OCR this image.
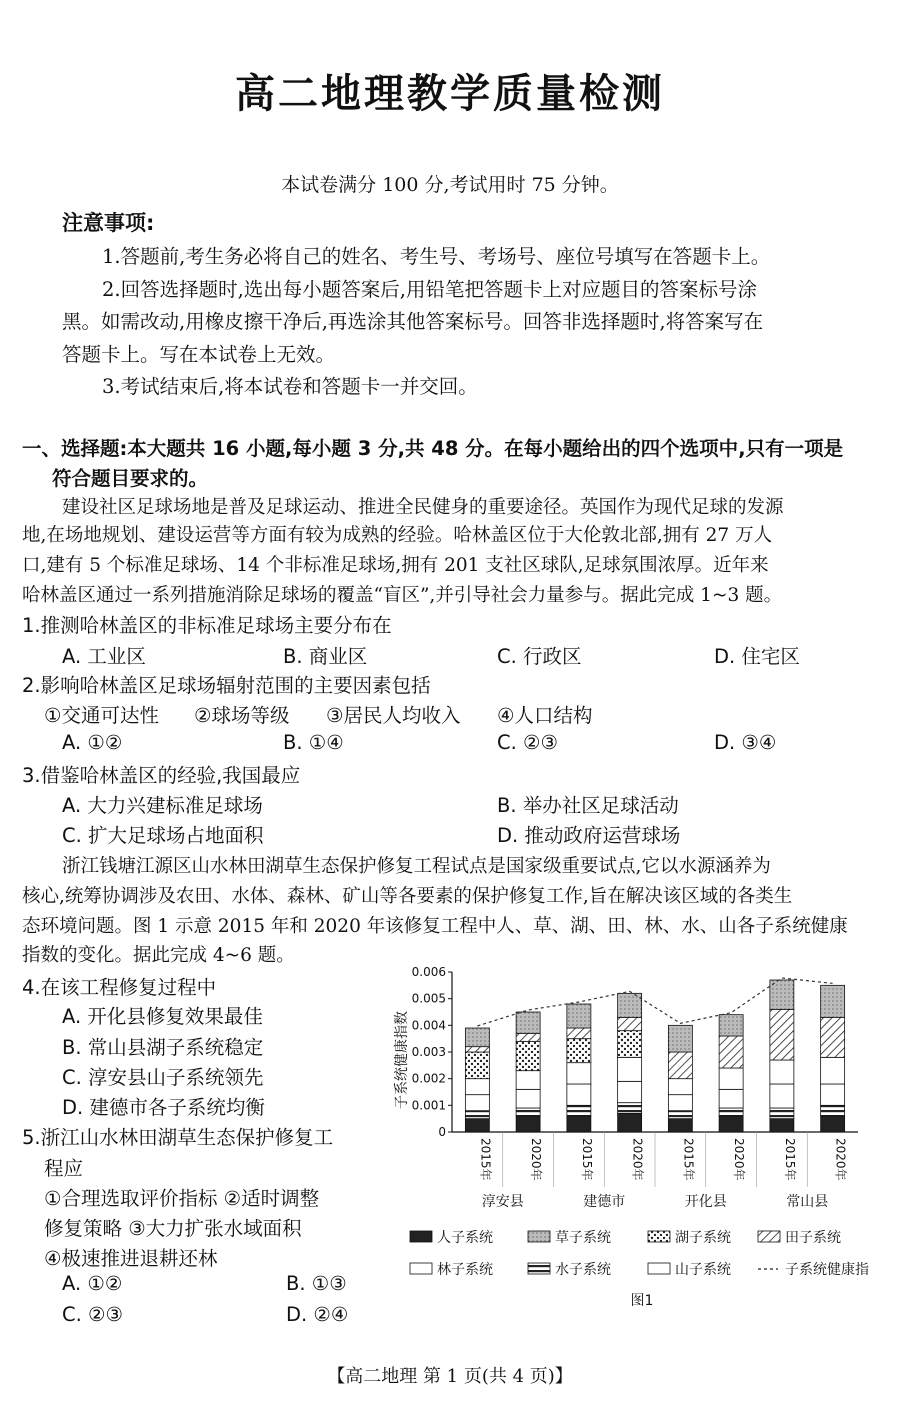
高二地理教学质量检测
本试卷满分 100 分,考试用时 75 分钟。
注意事项:
1.答题前,考生务必将自己的姓名、考生号、考场号、座位号填写在答题卡上。
2.回答选择题时,选出每小题答案后,用铅笔把答题卡上对应题目的答案标号涂
黑。如需改动,用橡皮擦干净后,再选涂其他答案标号。回答非选择题时,将答案写在
答题卡上。写在本试卷上无效。
3.考试结束后,将本试卷和答题卡一并交回。
一、选择题:本大题共 16 小题,每小题 3 分,共 48 分。在每小题给出的四个选项中,只有一项是
符合题目要求的。
建设社区足球场地是普及足球运动、推进全民健身的重要途径。英国作为现代足球的发源
地,在场地规划、建设运营等方面有较为成熟的经验。哈林盖区位于大伦敦北部,拥有 27 万人
口,建有 5 个标准足球场、14 个非标准足球场,拥有 201 支社区球队,足球氛围浓厚。近年来
哈林盖区通过一系列措施消除足球场的覆盖“盲区”,并引导社会力量参与。据此完成 1~3 题。
1.推测哈林盖区的非标准足球场主要分布在
A. 工业区	B. 商业区	C. 行政区	D. 住宅区
2.影响哈林盖区足球场辐射范围的主要因素包括
①交通可达性 ②球场等级 ③居民人均收入 ④人口结构
A. ①②	B. ①④	C. ②③	D. ③④
3.借鉴哈林盖区的经验,我国最应
A. 大力兴建标准足球场	B. 举办社区足球活动
C. 扩大足球场占地面积	D. 推动政府运营球场
浙江钱塘江源区山水林田湖草生态保护修复工程试点是国家级重要试点,它以水源涵养为
核心,统筹协调涉及农田、水体、森林、矿山等各要素的保护修复工作,旨在解决该区域的各类生
态环境问题。图 1 示意 2015 年和 2020 年该修复工程中人、草、湖、田、林、水、山各子系统健康
指数的变化。据此完成 4~6 题。
4.在该工程修复过程中
A. 开化县修复效果最佳
B. 常山县湖子系统稳定
C. 淳安县山子系统领先
D. 建德市各子系统均衡
5.浙江山水林田湖草生态保护修复工
程应
①合理选取评价指标 ②适时调整
修复策略 ③大力扩张水域面积
④极速推进退耕还林
A. ①②	B. ①③
C. ②③	D. ②④
子系统健康指数
0
0.001
0.002
0.003
0.004
0.005
0.006
2015年	2020年	2015年	2020年	2015年	2020年	2015年	2020年
淳安县	建德市	开化县	常山县
人子系统	草子系统	湖子系统	田子系统
林子系统	水子系统	山子系统	子系统健康指
图1
【高二地理 第 1 页(共 4 页)】
